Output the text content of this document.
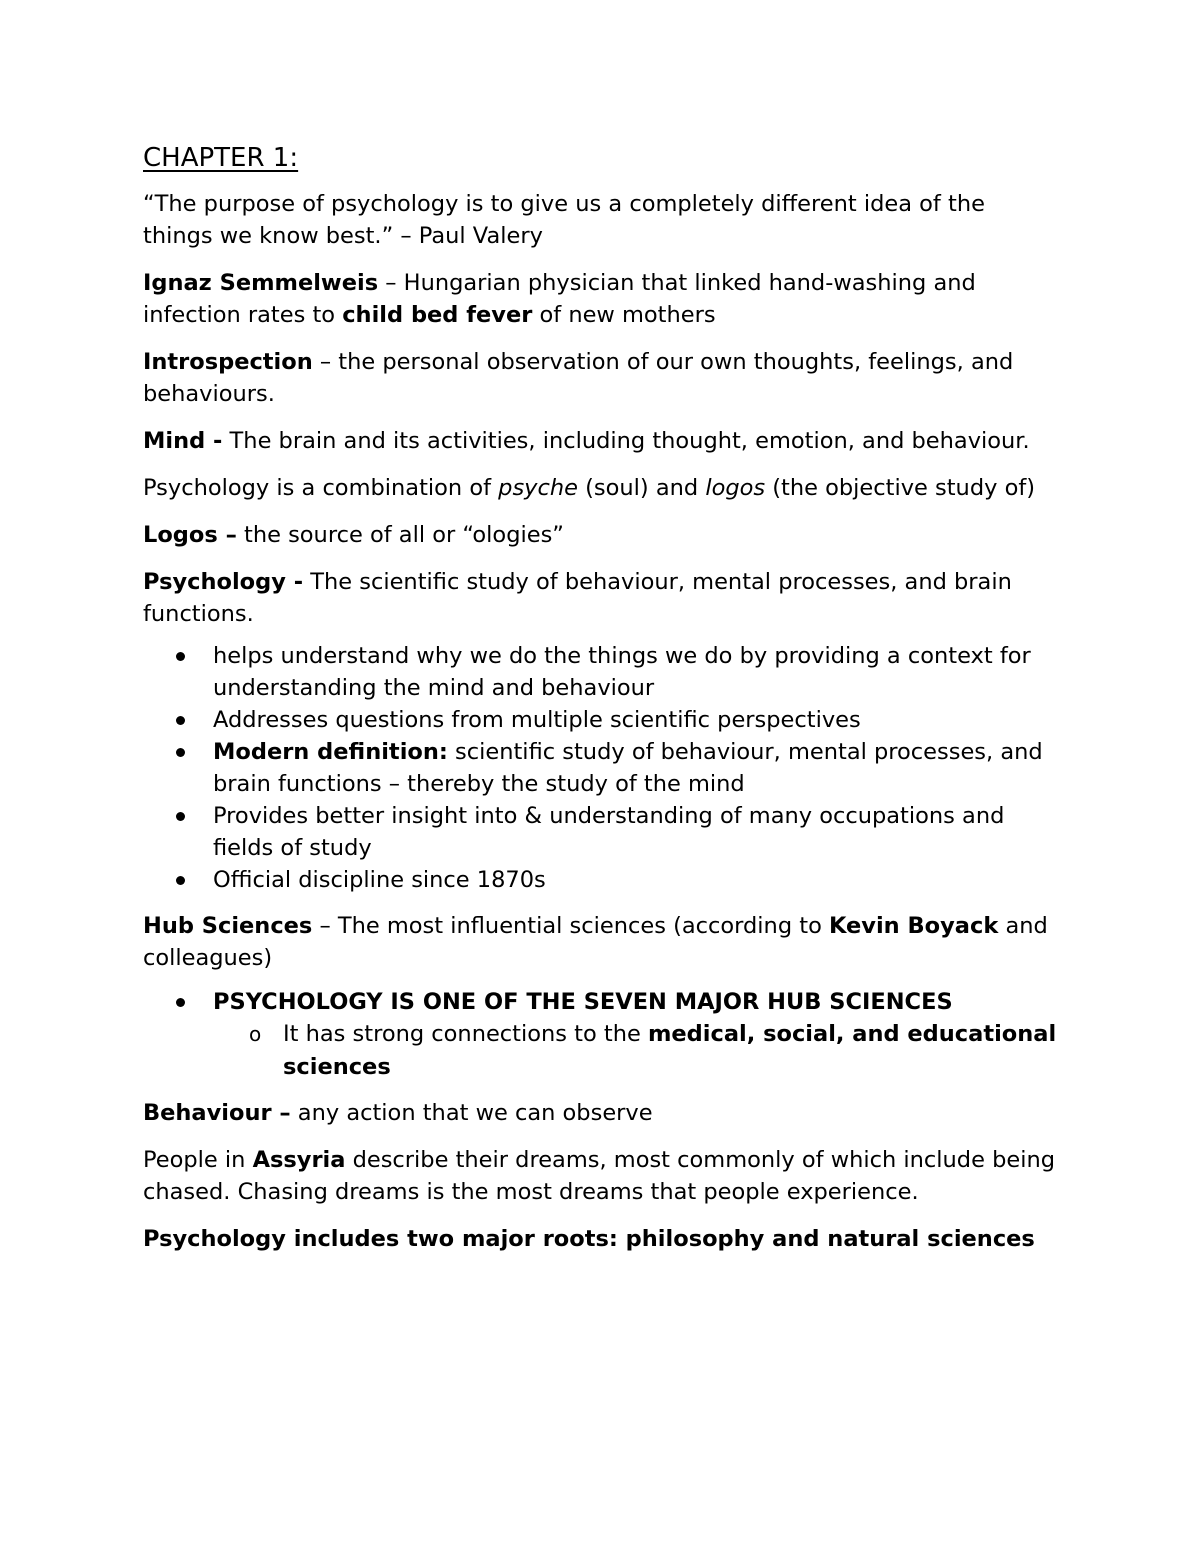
CHAPTER 1:

“The purpose of psychology is to give us a completely different idea of the things we know best.” – Paul Valery

Ignaz Semmelweis – Hungarian physician that linked hand-washing and infection rates to child bed fever of new mothers

Introspection – the personal observation of our own thoughts, feelings, and behaviours.

Mind - The brain and its activities, including thought, emotion, and behaviour.

Psychology is a combination of psyche (soul) and logos (the objective study of)

Logos – the source of all or “ologies”

Psychology - The scientific study of behaviour, mental processes, and brain functions.

helps understand why we do the things we do by providing a context for understanding the mind and behaviour
Addresses questions from multiple scientific perspectives
Modern definition: scientific study of behaviour, mental processes, and brain functions – thereby the study of the mind
Provides better insight into & understanding of many occupations and fields of study
Official discipline since 1870s

Hub Sciences – The most influential sciences (according to Kevin Boyack and colleagues)

PSYCHOLOGY IS ONE OF THE SEVEN MAJOR HUB SCIENCES
o It has strong connections to the medical, social, and educational sciences

Behaviour – any action that we can observe

People in Assyria describe their dreams, most commonly of which include being chased. Chasing dreams is the most dreams that people experience.

Psychology includes two major roots: philosophy and natural sciences
